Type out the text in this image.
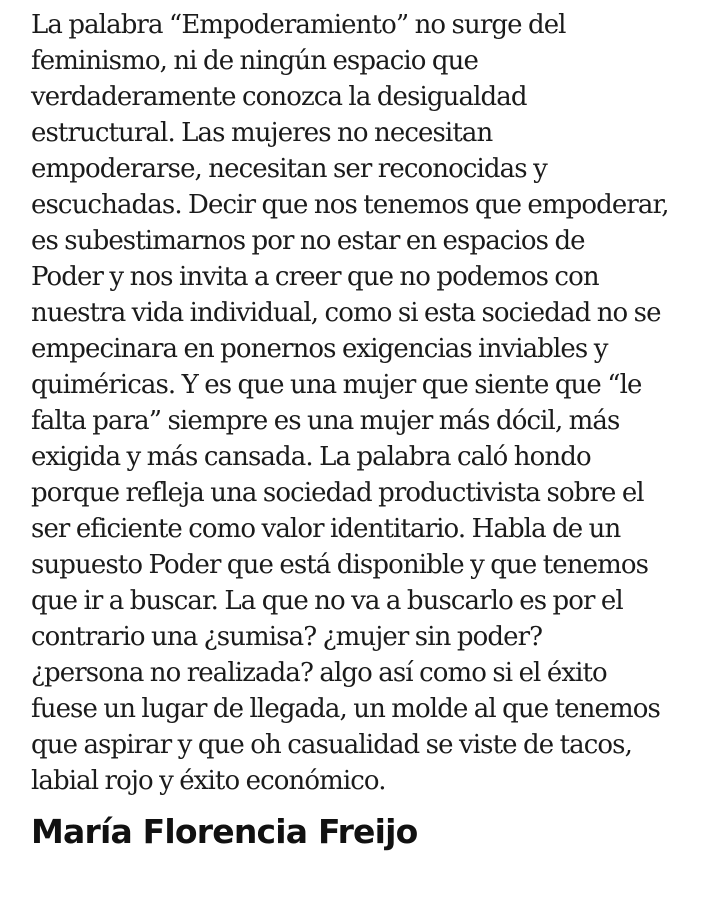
La palabra “Empoderamiento” no surge del
feminismo, ni de ningún espacio que
verdaderamente conozca la desigualdad
estructural. Las mujeres no necesitan
empoderarse, necesitan ser reconocidas y
escuchadas. Decir que nos tenemos que empoderar,
es subestimarnos por no estar en espacios de
Poder y nos invita a creer que no podemos con
nuestra vida individual, como si esta sociedad no se
empecinara en ponernos exigencias inviables y
quiméricas. Y es que una mujer que siente que “le
falta para” siempre es una mujer más dócil, más
exigida y más cansada. La palabra caló hondo
porque refleja una sociedad productivista sobre el
ser eficiente como valor identitario. Habla de un
supuesto Poder que está disponible y que tenemos
que ir a buscar. La que no va a buscarlo es por el
contrario una ¿sumisa? ¿mujer sin poder?
¿persona no realizada? algo así como si el éxito
fuese un lugar de llegada, un molde al que tenemos
que aspirar y que oh casualidad se viste de tacos,
labial rojo y éxito económico.
María Florencia Freijo
